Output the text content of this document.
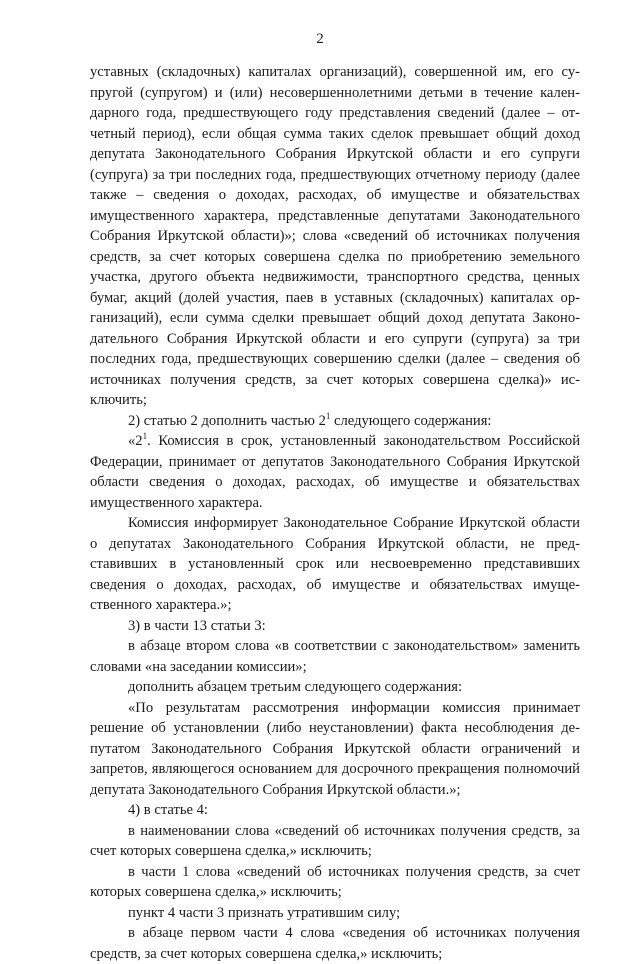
2

уставных (складочных) капиталах организаций), совершенной им, его супругой (супругом) и (или) несовершеннолетними детьми в течение календарного года, предшествующего году представления сведений (далее – отчетный период), если общая сумма таких сделок превышает общий доход депутата Законодательного Собрания Иркутской области и его супруги (супруга) за три последних года, предшествующих отчетному периоду (далее также – сведения о доходах, расходах, об имуществе и обязательствах имущественного характера, представленные депутатами Законодательного Собрания Иркутской области)»; слова «сведений об источниках получения средств, за счет которых совершена сделка по приобретению земельного участка, другого объекта недвижимости, транспортного средства, ценных бумаг, акций (долей участия, паев в уставных (складочных) капиталах организаций), если сумма сделки превышает общий доход депутата Законодательного Собрания Иркутской области и его супруги (супруга) за три последних года, предшествующих совершению сделки (далее – сведения об источниках получения средств, за счет которых совершена сделка)» исключить;

2) статью 2 дополнить частью $2^1$ следующего содержания:

«$2^1$. Комиссия в срок, установленный законодательством Российской Федерации, принимает от депутатов Законодательного Собрания Иркутской области сведения о доходах, расходах, об имуществе и обязательствах имущественного характера.

Комиссия информирует Законодательное Собрание Иркутской области о депутатах Законодательного Собрания Иркутской области, не представивших в установленный срок или несвоевременно представивших сведения о доходах, расходах, об имуществе и обязательствах имущественного характера.»;

3) в части 13 статьи 3:

в абзаце втором слова «в соответствии с законодательством» заменить словами «на заседании комиссии»;

дополнить абзацем третьим следующего содержания:

«По результатам рассмотрения информации комиссия принимает решение об установлении (либо неустановлении) факта несоблюдения депутатом Законодательного Собрания Иркутской области ограничений и запретов, являющегося основанием для досрочного прекращения полномочий депутата Законодательного Собрания Иркутской области.»;

4) в статье 4:

в наименовании слова «сведений об источниках получения средств, за счет которых совершена сделка,» исключить;

в части 1 слова «сведений об источниках получения средств, за счет которых совершена сделка,» исключить;

пункт 4 части 3 признать утратившим силу;

в абзаце первом части 4 слова «сведения об источниках получения средств, за счет которых совершена сделка,» исключить;
